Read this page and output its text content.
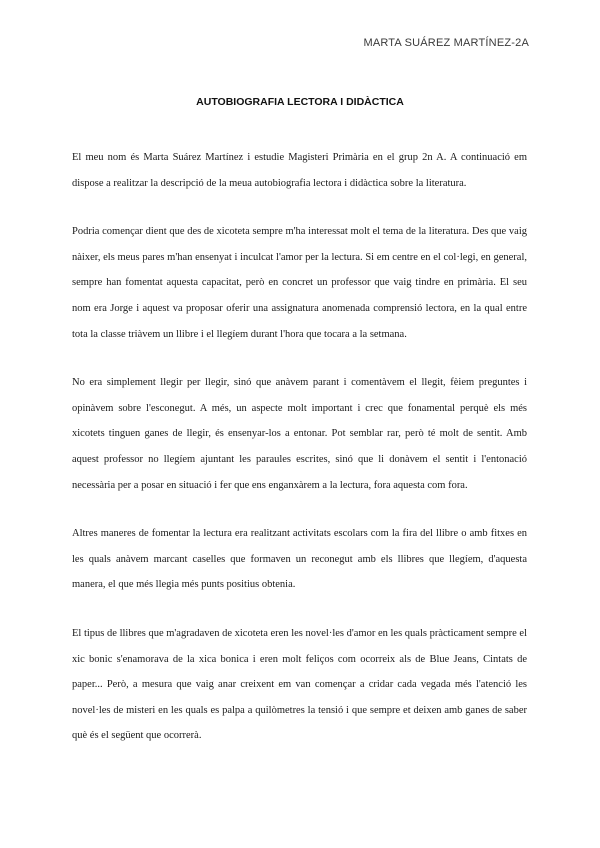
MARTA SUÁREZ MARTÍNEZ-2A
AUTOBIOGRAFIA LECTORA I DIDÀCTICA

El meu nom és Marta Suárez Martínez i estudie Magisteri Primària en el grup 2n A. A continuació em dispose a realitzar la descripció de la meua autobiografia lectora i didàctica sobre la literatura.

Podria començar dient que des de xicoteta sempre m'ha interessat molt el tema de la literatura. Des que vaig nàixer, els meus pares m'han ensenyat i inculcat l'amor per la lectura. Si em centre en el col·legi, en general, sempre han fomentat aquesta capacitat, però en concret un professor que vaig tindre en primària. El seu nom era Jorge i aquest va proposar oferir una assignatura anomenada comprensió lectora, en la qual entre tota la classe triàvem un llibre i el llegíem durant l'hora que tocara a la setmana.

No era simplement llegir per llegir, sinó que anàvem parant i comentàvem el llegit, fèiem preguntes i opinàvem sobre l'esconegut. A més, un aspecte molt important i crec que fonamental perquè els més xicotets tinguen ganes de llegir, és ensenyar-los a entonar. Pot semblar rar, però té molt de sentit. Amb aquest professor no llegíem ajuntant les paraules escrites, sinó que li donàvem el sentit i l'entonació necessària per a posar en situació i fer que ens enganxàrem a la lectura, fora aquesta com fora.

Altres maneres de fomentar la lectura era realitzant activitats escolars com la fira del llibre o amb fitxes en les quals anàvem marcant caselles que formaven un reconegut amb els llibres que llegíem, d'aquesta manera, el que més llegia més punts positius obtenia.

El tipus de llibres que m'agradaven de xicoteta eren les novel·les d'amor en les quals pràcticament sempre el xic bonic s'enamorava de la xica bonica i eren molt feliços com ocorreix als de Blue Jeans, Cintats de paper... Però, a mesura que vaig anar creixent em van començar a cridar cada vegada més l'atenció les novel·les de misteri en les quals es palpa a quilòmetres la tensió i que sempre et deixen amb ganes de saber què és el següent que ocorrerà.
